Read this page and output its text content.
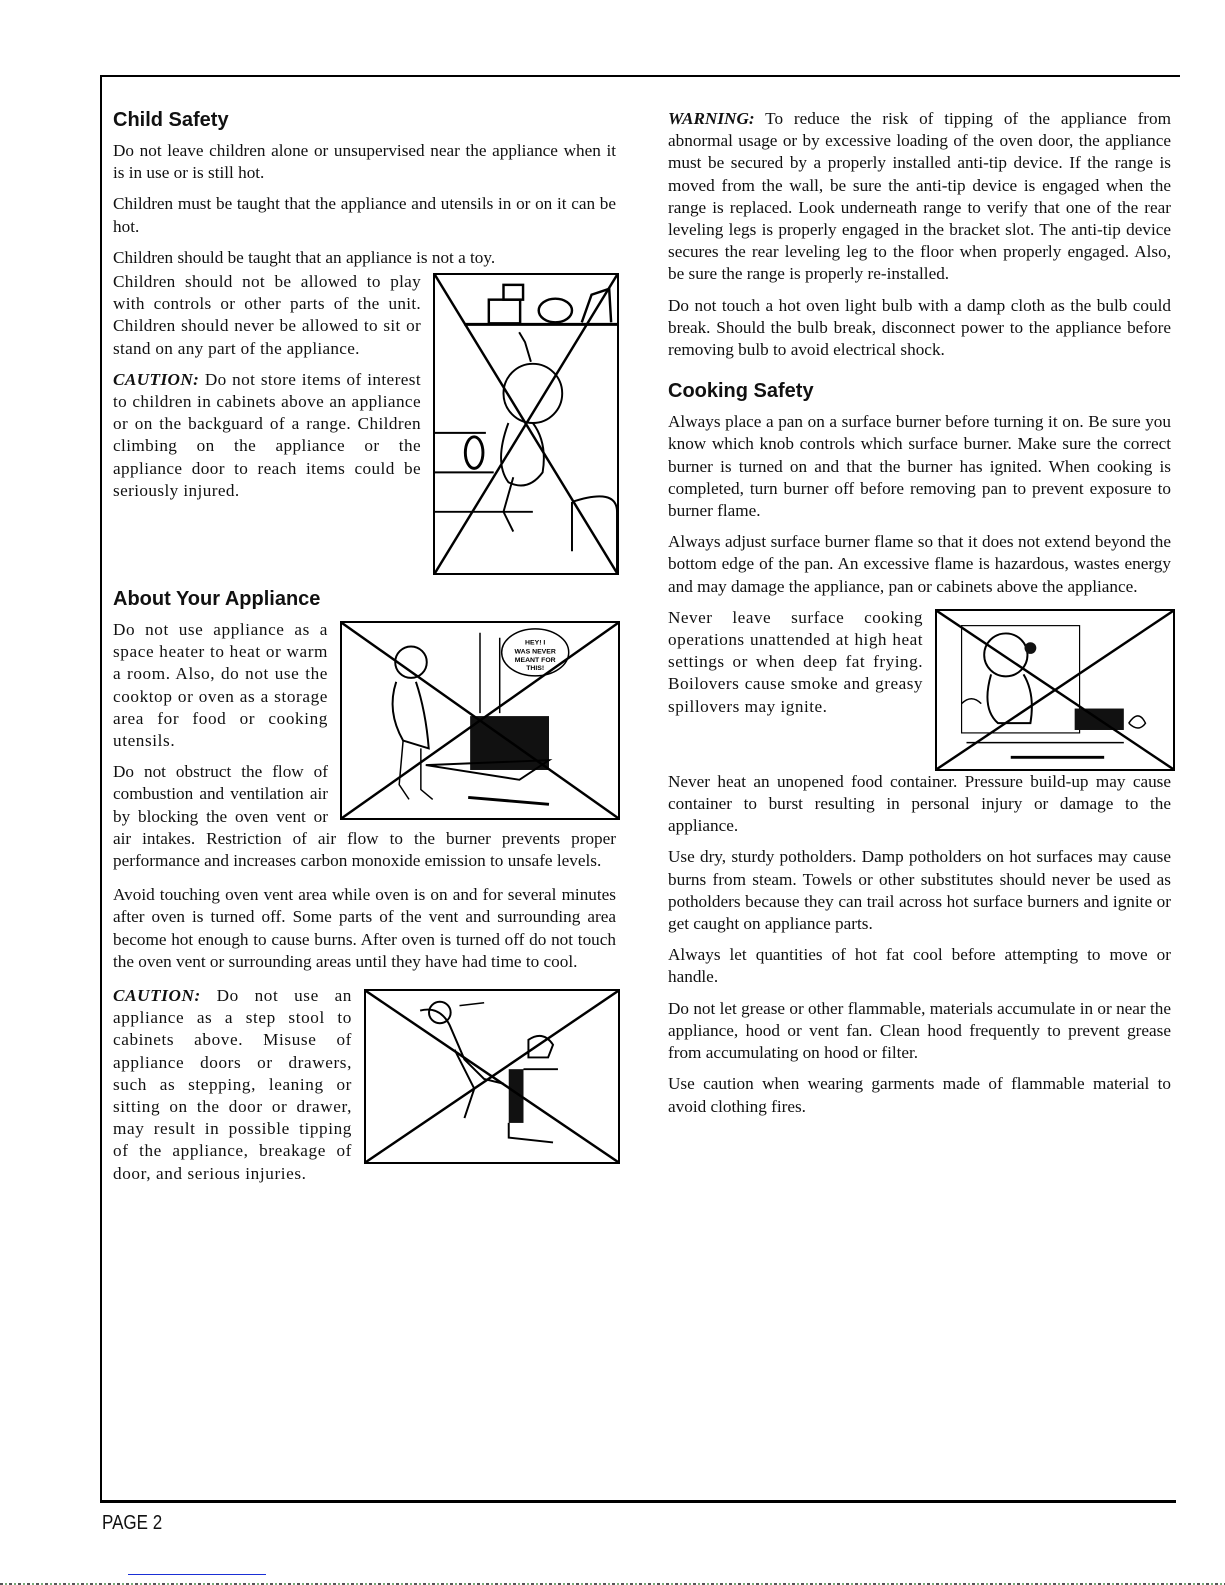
Child Safety

Do not leave children alone or unsupervised near the appliance when it is in use or is still hot.

Children must be taught that the appliance and utensils in or on it can be hot.

Children should be taught that an appliance is not a toy.

Children should not be allowed to play with controls or other parts of the unit. Children should never be allowed to sit or stand on any part of the appliance.

CAUTION: Do not store items of interest to children in cabinets above an appliance or on the backguard of a range. Children climbing on the appliance or the appliance door to reach items could be seriously injured.

About Your Appliance
HEY! I
WAS NEVER
MEANT FOR
THIS!

Do not use appliance as a space heater to heat or warm a room. Also, do not use the cooktop or oven as a storage area for food or cooking utensils.

Do not obstruct the flow of combustion and ventilation air by blocking the oven vent or air intakes. Restriction of air flow to the burner prevents proper performance and increases carbon monoxide emission to unsafe levels.

Avoid touching oven vent area while oven is on and for several minutes after oven is turned off. Some parts of the vent and surrounding area become hot enough to cause burns. After oven is turned off do not touch the oven vent or surrounding areas until they have had time to cool.

CAUTION: Do not use an appliance as a step stool to cabinets above. Misuse of appliance doors or drawers, such as stepping, leaning or sitting on the door or drawer, may result in possible tipping of the appliance, breakage of door, and serious injuries.

WARNING: To reduce the risk of tipping of the appliance from abnormal usage or by excessive loading of the oven door, the appliance must be secured by a properly installed anti-tip device. If the range is moved from the wall, be sure the anti-tip device is engaged when the range is replaced. Look underneath range to verify that one of the rear leveling legs is properly engaged in the bracket slot. The anti-tip device secures the rear leveling leg to the floor when properly engaged. Also, be sure the range is properly re-installed.

Do not touch a hot oven light bulb with a damp cloth as the bulb could break. Should the bulb break, disconnect power to the appliance before removing bulb to avoid electrical shock.

Cooking Safety

Always place a pan on a surface burner before turning it on. Be sure you know which knob controls which surface burner. Make sure the correct burner is turned on and that the burner has ignited. When cooking is completed, turn burner off before removing pan to prevent exposure to burner flame.

Always adjust surface burner flame so that it does not extend beyond the bottom edge of the pan. An excessive flame is hazardous, wastes energy and may damage the appliance, pan or cabinets above the appliance.

Never leave surface cooking operations unattended at high heat settings or when deep fat frying. Boilovers cause smoke and greasy spillovers may ignite.

Never heat an unopened food container. Pressure build-up may cause container to burst resulting in personal injury or damage to the appliance.

Use dry, sturdy potholders. Damp potholders on hot surfaces may cause burns from steam. Towels or other substitutes should never be used as potholders because they can trail across hot surface burners and ignite or get caught on appliance parts.

Always let quantities of hot fat cool before attempting to move or handle.

Do not let grease or other flammable, materials accumulate in or near the appliance, hood or vent fan. Clean hood frequently to prevent grease from accumulating on hood or filter.

Use caution when wearing garments made of flammable material to avoid clothing fires.

PAGE 2
